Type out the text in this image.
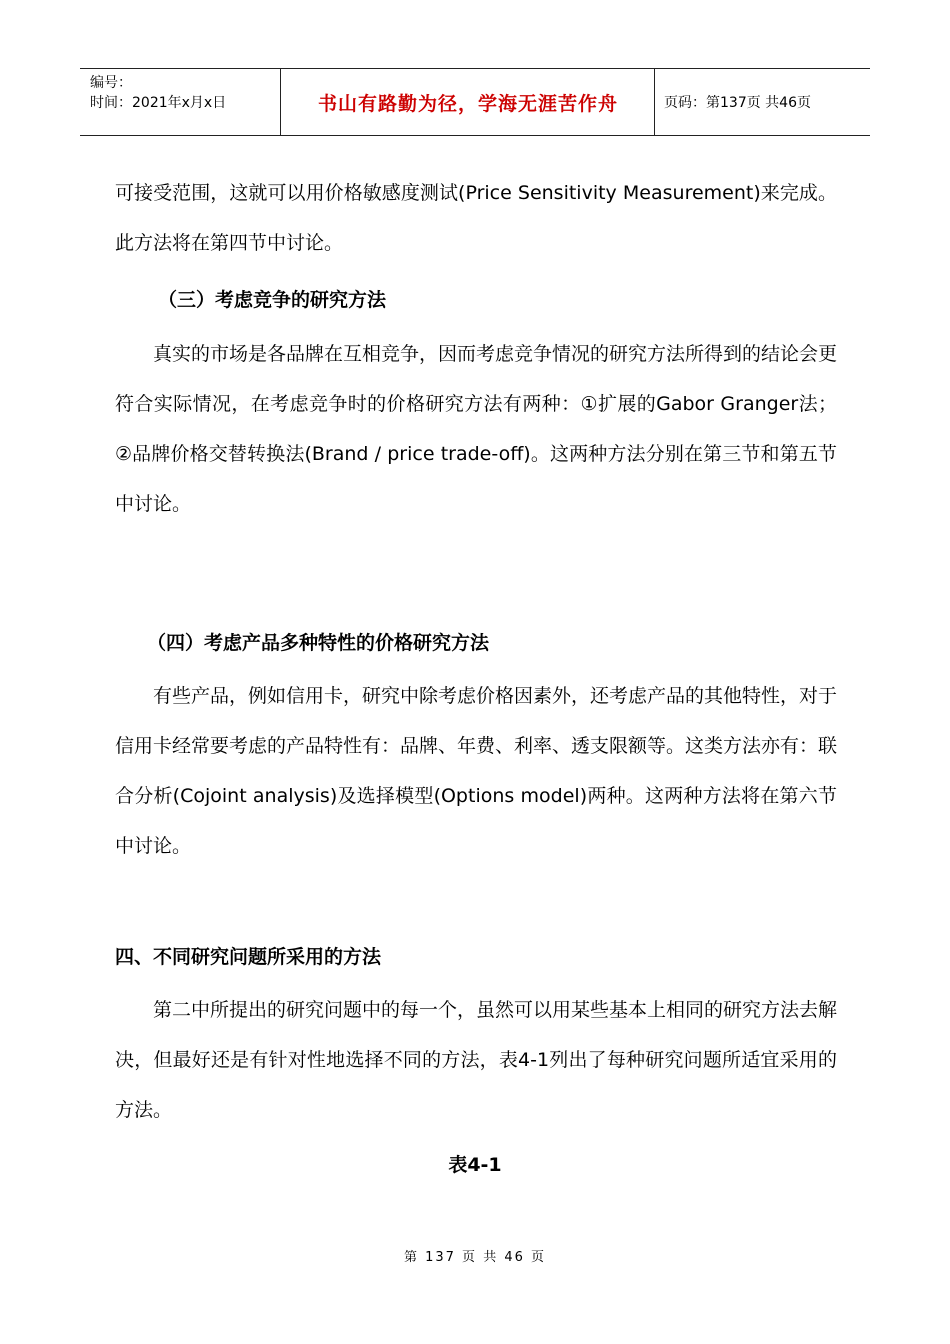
编号：
时间：2021年x月x日	书山有路勤为径，学海无涯苦作舟	页码：第137页 共46页

可接受范围，这就可以用价格敏感度测试(Price Sensitivity Measurement)来完成。此方法将在第四节中讨论。

（三）考虑竞争的研究方法

真实的市场是各品牌在互相竞争，因而考虑竞争情况的研究方法所得到的结论会更符合实际情况，在考虑竞争时的价格研究方法有两种：①扩展的Gabor Granger法；②品牌价格交替转换法(Brand / price trade-off)。这两种方法分别在第三节和第五节中讨论。

（四）考虑产品多种特性的价格研究方法

有些产品，例如信用卡，研究中除考虑价格因素外，还考虑产品的其他特性，对于信用卡经常要考虑的产品特性有：品牌、年费、利率、透支限额等。这类方法亦有：联合分析(Cojoint analysis)及选择模型(Options model)两种。这两种方法将在第六节中讨论。

四、不同研究问题所采用的方法

第二中所提出的研究问题中的每一个，虽然可以用某些基本上相同的研究方法去解决，但最好还是有针对性地选择不同的方法，表4-1列出了每种研究问题所适宜采用的方法。

表4-1
第 137 页 共 46 页
